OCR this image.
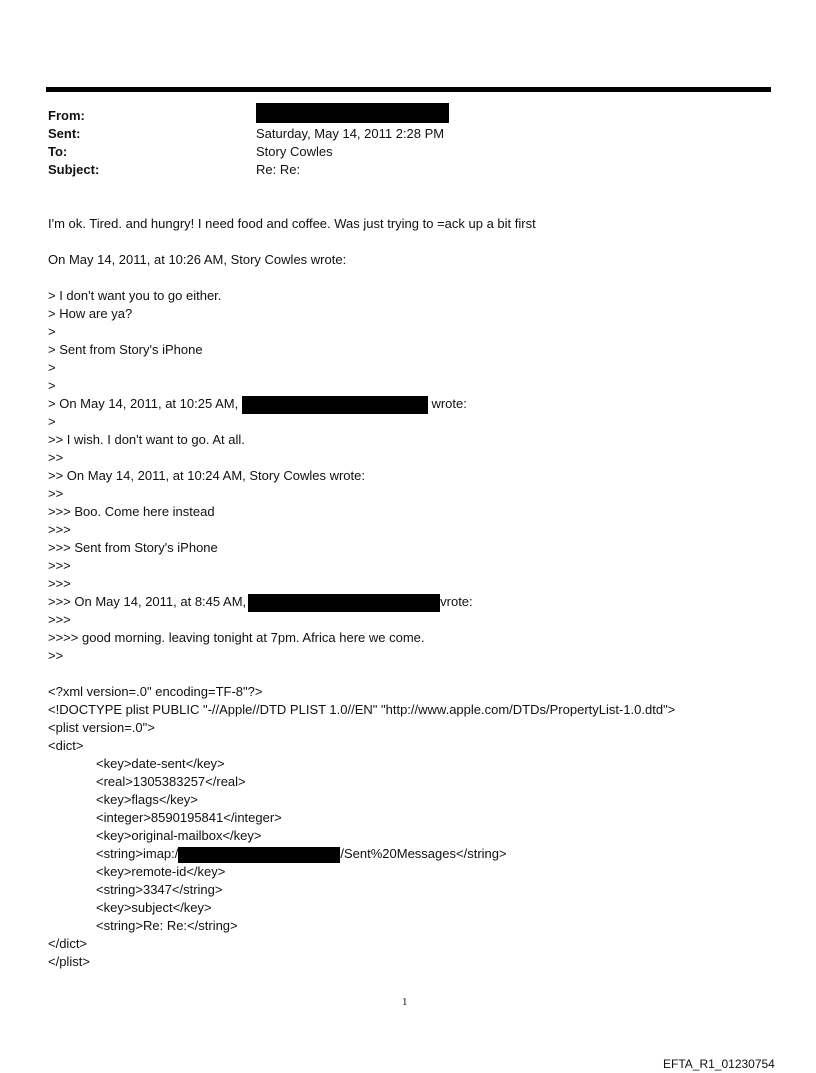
From:
Sent:	Saturday, May 14, 2011 2:28 PM
To:	Story Cowles
Subject:	Re: Re:
I'm ok. Tired. and hungry! I need food and coffee. Was just trying to =ack up a bit first
On May 14, 2011, at 10:26 AM, Story Cowles wrote:
> I don't want you to go either.
> How are ya?
>
> Sent from Story's iPhone
>
>
> On May 14, 2011, at 10:25 AM,	wrote:
>
>> I wish. I don't want to go. At all.
>>
>> On May 14, 2011, at 10:24 AM, Story Cowles wrote:
>>
>>> Boo. Come here instead
>>>
>>> Sent from Story's iPhone
>>>
>>>
>>> On May 14, 2011, at 8:45 AM,	vrote:
>>>
>>>> good morning. leaving tonight at 7pm. Africa here we come.
>>
<?xml version=.0" encoding=TF-8"?>
<!DOCTYPE plist PUBLIC "-//Apple//DTD PLIST 1.0//EN" "http://www.apple.com/DTDs/PropertyList-1.0.dtd">
<plist version=.0">
<dict>
<key>date-sent</key>
<real>1305383257</real>
<key>flags</key>
<integer>8590195841</integer>
<key>original-mailbox</key>
<string>imap:/	/Sent%20Messages</string>
<key>remote-id</key>
<string>3347</string>
<key>subject</key>
<string>Re: Re:</string>
</dict>
</plist>
1
EFTA_R1_01230754
